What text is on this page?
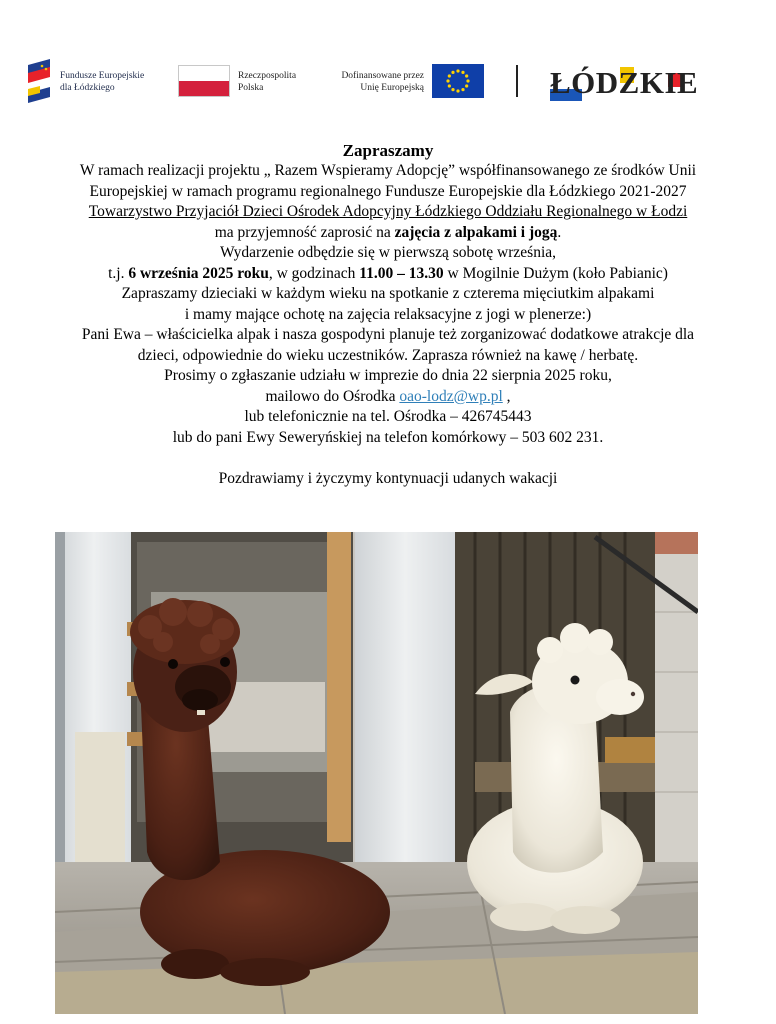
Fundusze Europejskie
dla Łódzkiego
Rzeczpospolita
Polska
Dofinansowane przez
Unię Europejską	ŁÓDZKIE
Zapraszamy
W ramach realizacji projektu „ Razem Wspieramy Adopcję” współfinansowanego ze środków Unii
Europejskiej w ramach programu regionalnego Fundusze Europejskie dla Łódzkiego 2021-2027
Towarzystwo Przyjaciół Dzieci Ośrodek Adopcyjny Łódzkiego Oddziału Regionalnego w Łodzi
ma przyjemność zaprosić na zajęcia z alpakami i jogą.
Wydarzenie odbędzie się w pierwszą sobotę września,
t.j. 6 września 2025 roku, w godzinach 11.00 – 13.30 w Mogilnie Dużym (koło Pabianic)
Zapraszamy dzieciaki w każdym wieku na spotkanie z czterema mięciutkim alpakami
i mamy mające ochotę na zajęcia relaksacyjne z jogi w plenerze:)
Pani Ewa – właścicielka alpak i nasza gospodyni planuje też zorganizować dodatkowe atrakcje dla
dzieci, odpowiednie do wieku uczestników. Zaprasza również na kawę / herbatę.
Prosimy o zgłaszanie udziału w imprezie do dnia 22 sierpnia 2025 roku,
mailowo do Ośrodka oao-lodz@wp.pl ,
lub telefonicznie na tel. Ośrodka – 426745443
lub do pani Ewy Seweryńskiej na telefon komórkowy – 503 602 231.
Pozdrawiamy i życzymy kontynuacji udanych wakacji
